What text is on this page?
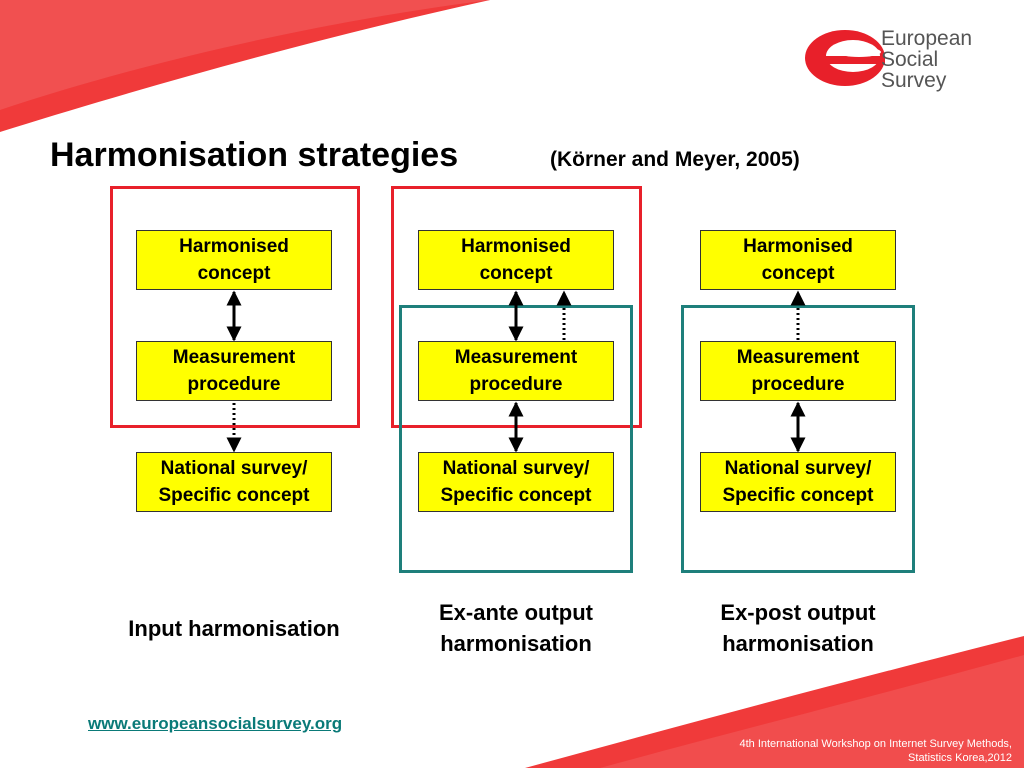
European
Social
Survey
Harmonisation strategies	(Körner and Meyer, 2005)
Harmonised
concept
Measurement
procedure
National survey/
Specific concept
Harmonised
concept
Measurement
procedure
National survey/
Specific concept
Harmonised
concept
Measurement
procedure
National survey/
Specific concept
Input harmonisation
Ex-ante output
harmonisation
Ex-post output
harmonisation
www.europeansocialsurvey.org
4th International Workshop on Internet Survey Methods,
Statistics Korea,2012
